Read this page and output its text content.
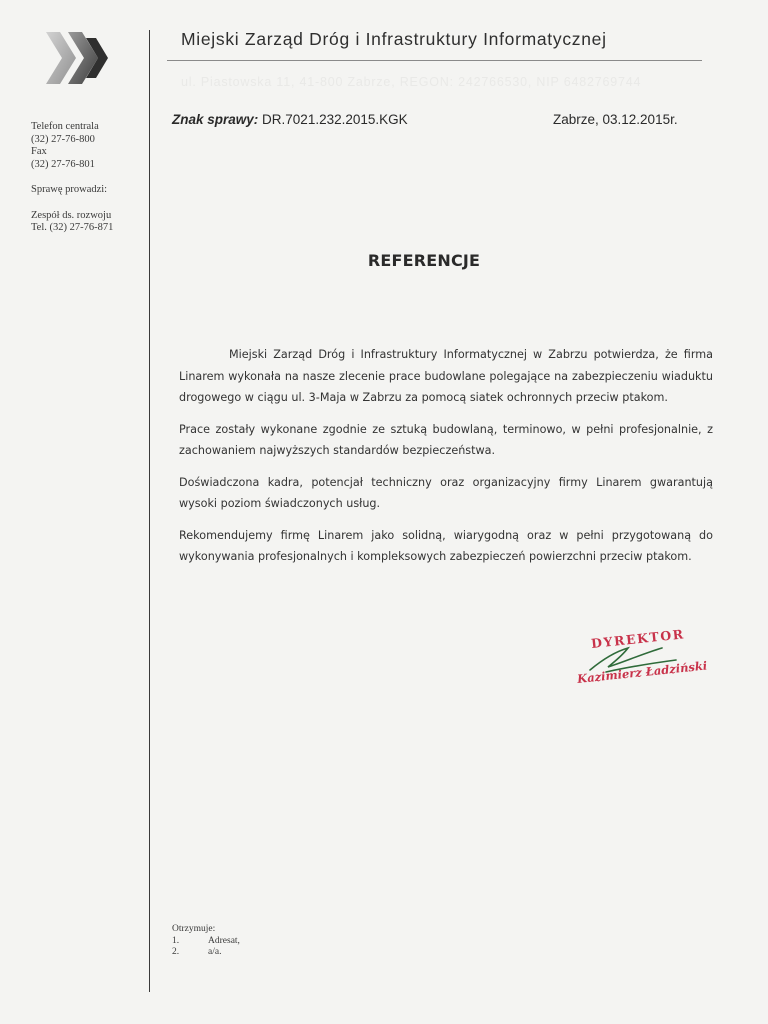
Telefon centrala
(32) 27-76-800
Fax
(32) 27-76-801
Sprawę prowadzi:
Zespół ds. rozwoju
Tel. (32) 27-76-871
Miejski Zarząd Dróg i Infrastruktury Informatycznej
ul. Piastowska 11, 41-800 Zabrze, REGON: 242766530, NIP 6482769744
Znak sprawy: DR.7021.232.2015.KGK	Zabrze, 03.12.2015r.
REFERENCJE

Miejski Zarząd Dróg i Infrastruktury Informatycznej w Zabrzu potwierdza, że firma Linarem wykonała na nasze zlecenie prace budowlane polegające na zabezpieczeniu wiaduktu drogowego w ciągu ul. 3-Maja w Zabrzu za pomocą siatek ochronnych przeciw ptakom.

Prace zostały wykonane zgodnie ze sztuką budowlaną, terminowo, w pełni profesjonalnie, z zachowaniem najwyższych standardów bezpieczeństwa.

Doświadczona kadra, potencjał techniczny oraz organizacyjny firmy Linarem gwarantują wysoki poziom świadczonych usług.

Rekomendujemy firmę Linarem jako solidną, wiarygodną oraz w pełni przygotowaną do wykonywania profesjonalnych i kompleksowych zabezpieczeń powierzchni przeciw ptakom.

DYREKTOR
Kazimierz Ładziński
Otrzymuje:
1.	Adresat,
2.	a/a.
